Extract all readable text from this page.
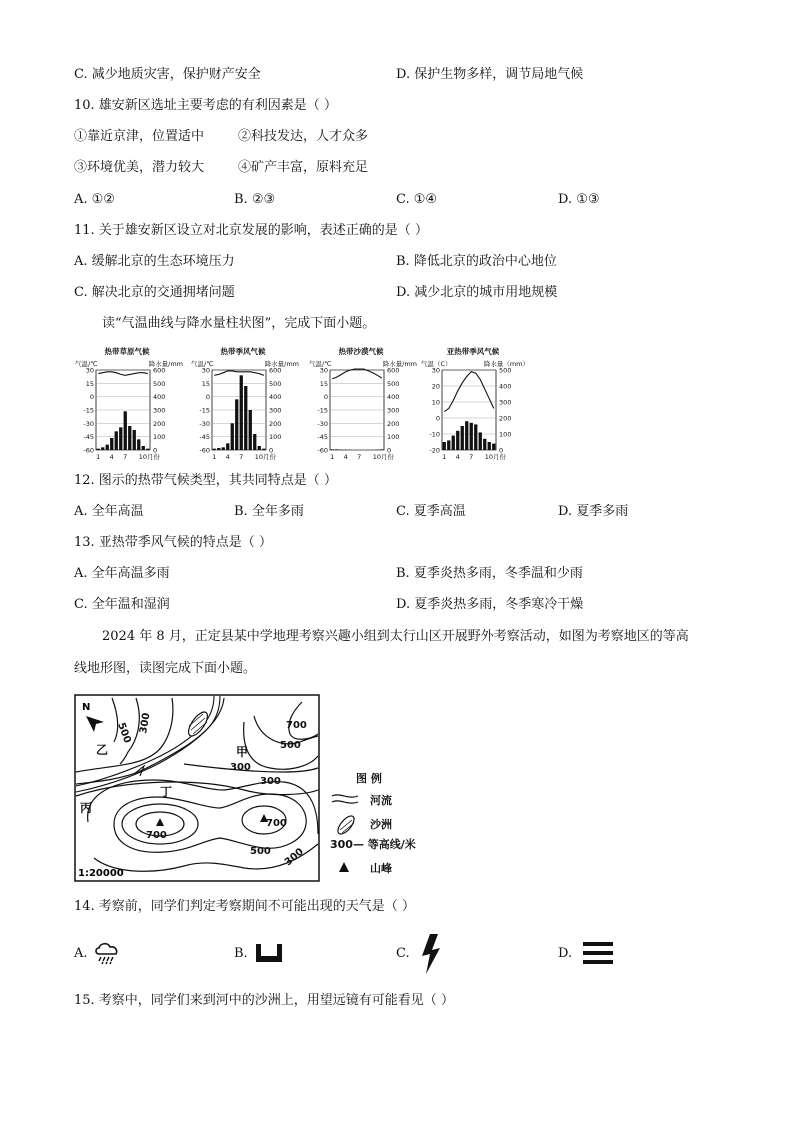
C. 减少地质灾害，保护财产安全	D. 保护生物多样，调节局地气候
10. 雄安新区选址主要考虑的有利因素是（ ）
①靠近京津，位置适中	②科技发达，人才众多
③环境优美，潜力较大	④矿产丰富，原料充足
A. ①②	B. ②③	C. ①④	D. ①③
11. 关于雄安新区设立对北京发展的影响，表述正确的是（ ）
A. 缓解北京的生态环境压力	B. 降低北京的政治中心地位
C. 解决北京的交通拥堵问题	D. 减少北京的城市用地规模
读“气温曲线与降水量柱状图”，完成下面小题。
热带草原气候
气温/℃	降水量/mm
30
15
0
-15
-30
-45
-60
600
500
400
300
200
100
0
1 4 7 10月份
热带季风气候
气温/℃	降水量/mm
30
15
0
-15
-30
-45
-60
600
500
400
300
200
100
0
1 4 7 10月份
热带沙漠气候
气温/℃	降水量/mm
30
15
0
-15
-30
-45
-60
600
500
400
300
200
100
0
1 4 7 10月份
亚热带季风气候
气温（C）	降水量（mm）
30
20
10
0
-10
-20
500
400
300
200
100
0
1 4 7 10月份
12. 图示的热带气候类型，其共同特点是（ ）
A. 全年高温	B. 全年多雨	C. 夏季高温	D. 夏季多雨
13. 亚热带季风气候的特点是（ ）
A. 全年高温多雨	B. 夏季炎热多雨，冬季温和少雨
C. 全年温和湿润	D. 夏季炎热多雨，冬季寒冷干燥
2024 年 8 月，正定县某中学地理考察兴趣小组到太行山区开展野外考察活动，如图为考察地区的等高
线地形图，读图完成下面小题。
N
500 300	700
500
300
300
700
700
500 300
乙	甲
丙
丁
1:20000
图 例
河流
沙洲
300— 等高线/米
山峰
14. 考察前，同学们判定考察期间不可能出现的天气是（ ）
A.	B.	C.	D.
15. 考察中，同学们来到河中的沙洲上，用望远镜有可能看见（ ）
